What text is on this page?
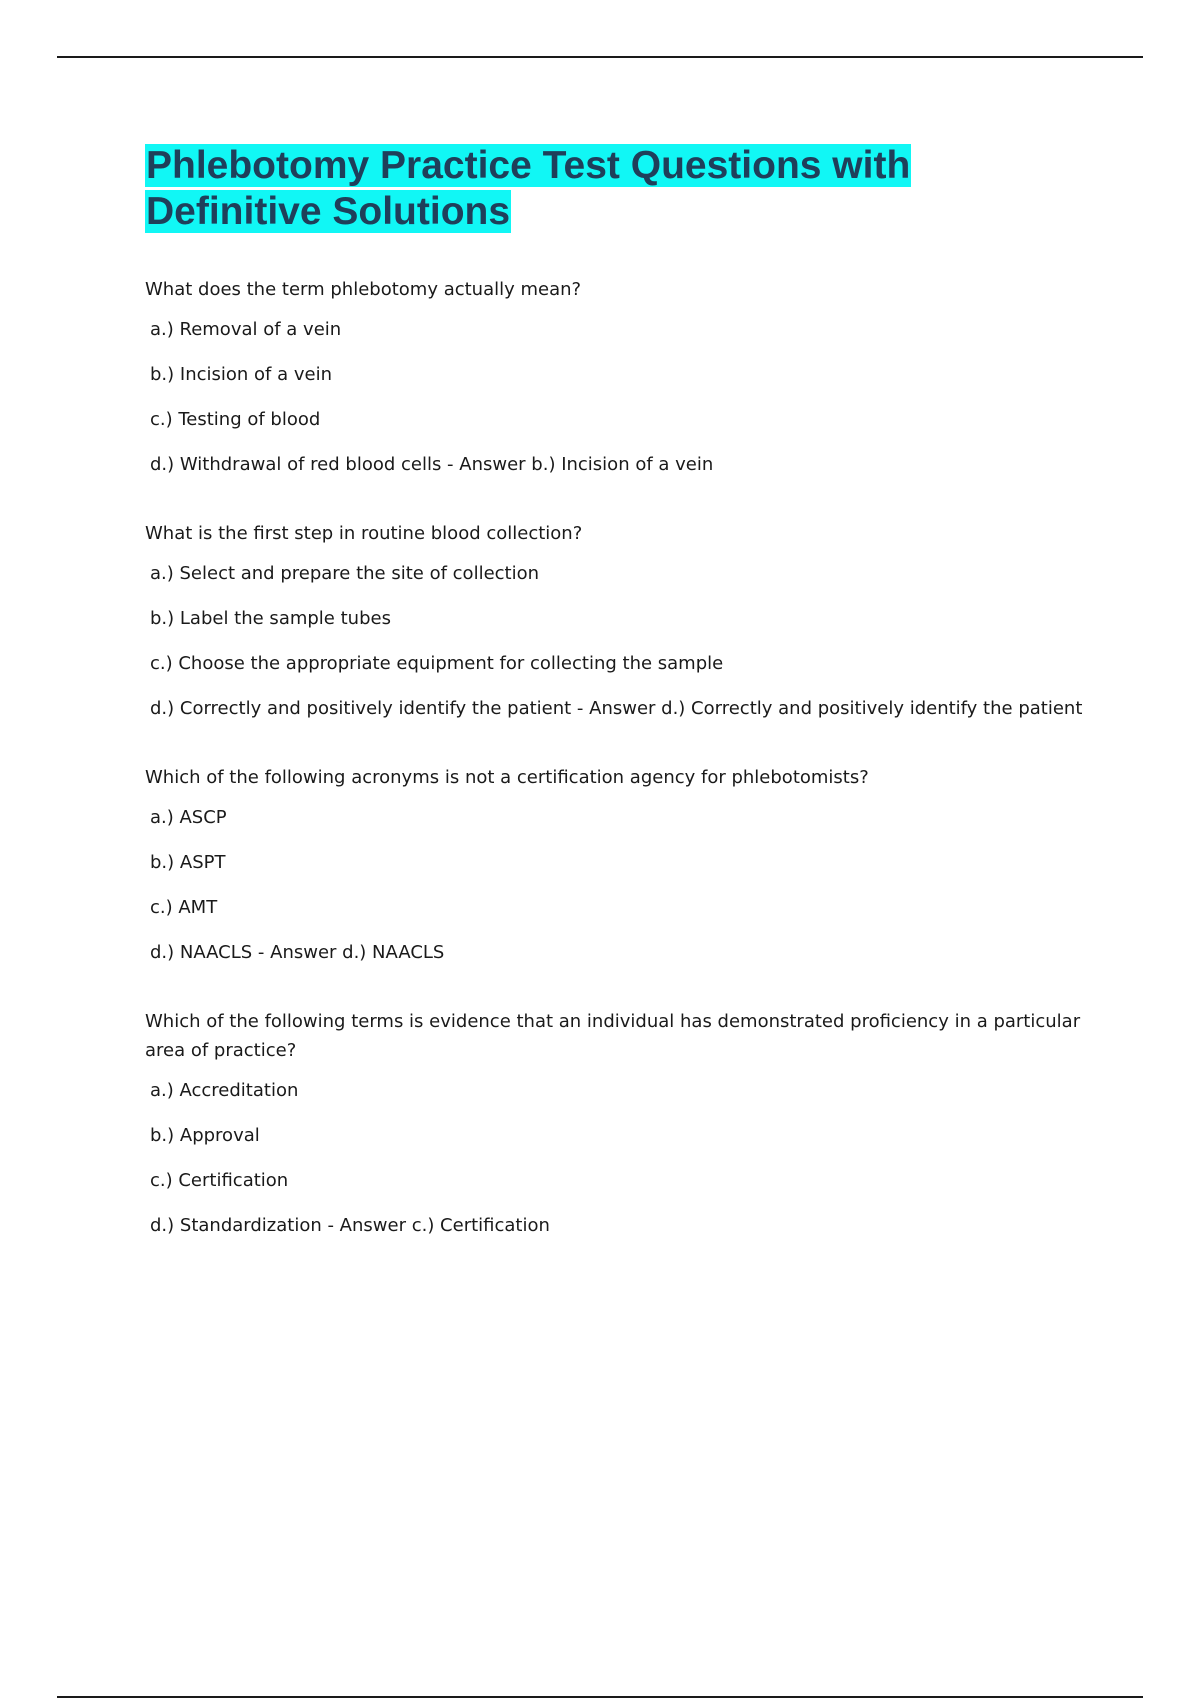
Phlebotomy Practice Test Questions with Definitive Solutions
What does the term phlebotomy actually mean?
a.) Removal of a vein
b.) Incision of a vein
c.) Testing of blood
d.) Withdrawal of red blood cells - Answer b.) Incision of a vein
What is the first step in routine blood collection?
a.) Select and prepare the site of collection
b.) Label the sample tubes
c.) Choose the appropriate equipment for collecting the sample
d.) Correctly and positively identify the patient - Answer d.) Correctly and positively identify the patient
Which of the following acronyms is not a certification agency for phlebotomists?
a.) ASCP
b.) ASPT
c.) AMT
d.) NAACLS - Answer d.) NAACLS
Which of the following terms is evidence that an individual has demonstrated proficiency in a particular area of practice?
a.) Accreditation
b.) Approval
c.) Certification
d.) Standardization - Answer c.) Certification
